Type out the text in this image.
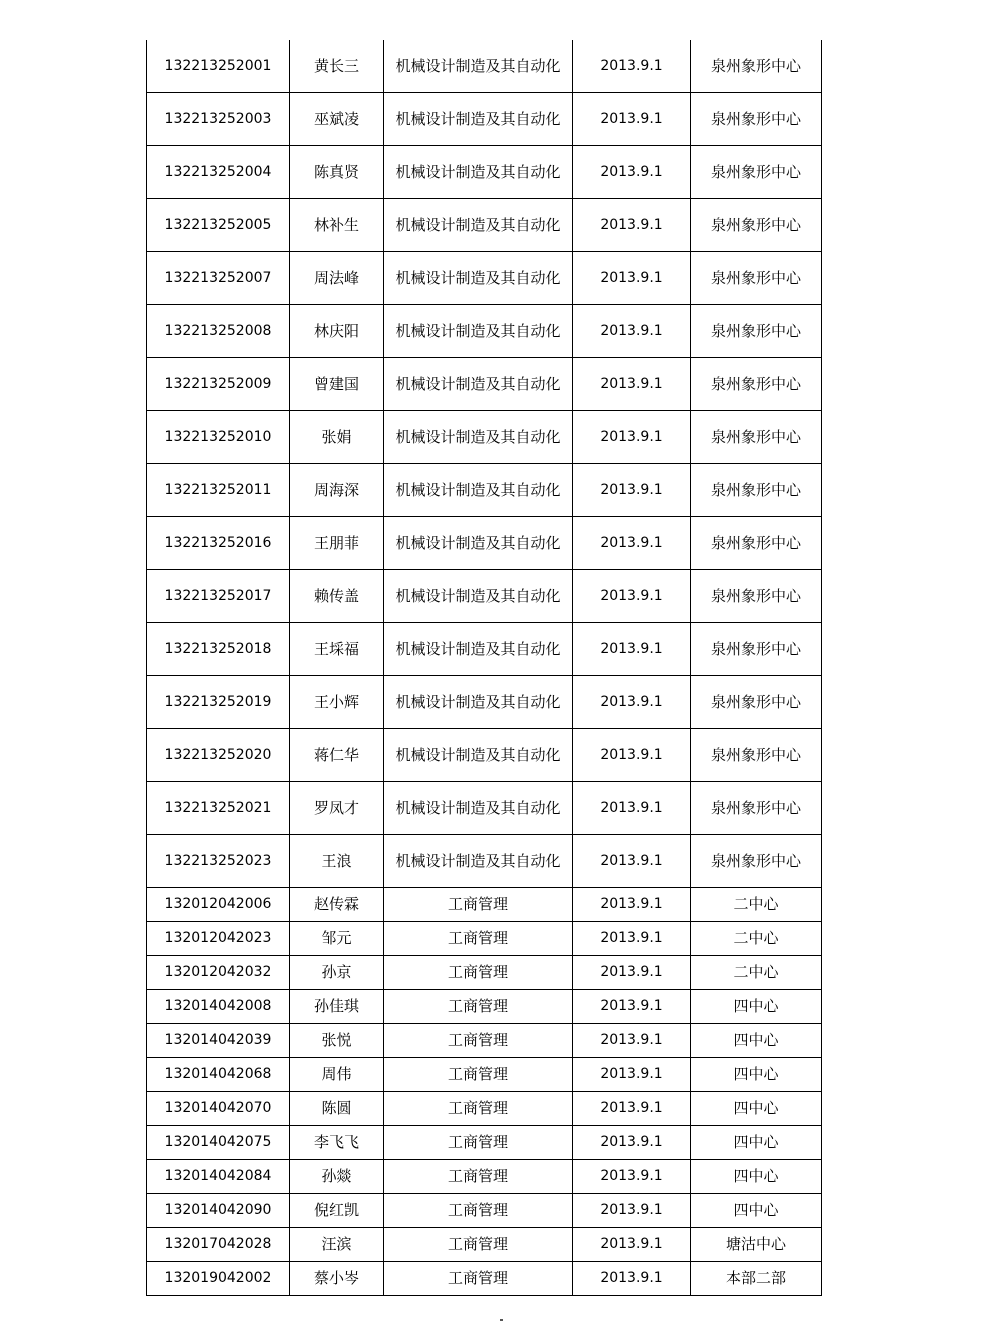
132213252001	黄长三	机械设计制造及其自动化	2013.9.1	泉州象形中心
132213252003	巫斌凌	机械设计制造及其自动化	2013.9.1	泉州象形中心
132213252004	陈真贤	机械设计制造及其自动化	2013.9.1	泉州象形中心
132213252005	林补生	机械设计制造及其自动化	2013.9.1	泉州象形中心
132213252007	周法峰	机械设计制造及其自动化	2013.9.1	泉州象形中心
132213252008	林庆阳	机械设计制造及其自动化	2013.9.1	泉州象形中心
132213252009	曾建国	机械设计制造及其自动化	2013.9.1	泉州象形中心
132213252010	张娟	机械设计制造及其自动化	2013.9.1	泉州象形中心
132213252011	周海深	机械设计制造及其自动化	2013.9.1	泉州象形中心
132213252016	王朋菲	机械设计制造及其自动化	2013.9.1	泉州象形中心
132213252017	赖传盖	机械设计制造及其自动化	2013.9.1	泉州象形中心
132213252018	王埰福	机械设计制造及其自动化	2013.9.1	泉州象形中心
132213252019	王小辉	机械设计制造及其自动化	2013.9.1	泉州象形中心
132213252020	蒋仁华	机械设计制造及其自动化	2013.9.1	泉州象形中心
132213252021	罗凤才	机械设计制造及其自动化	2013.9.1	泉州象形中心
132213252023	王浪	机械设计制造及其自动化	2013.9.1	泉州象形中心
132012042006	赵传霖	工商管理	2013.9.1	二中心
132012042023	邹元	工商管理	2013.9.1	二中心
132012042032	孙京	工商管理	2013.9.1	二中心
132014042008	孙佳琪	工商管理	2013.9.1	四中心
132014042039	张悦	工商管理	2013.9.1	四中心
132014042068	周伟	工商管理	2013.9.1	四中心
132014042070	陈圆	工商管理	2013.9.1	四中心
132014042075	李飞飞	工商管理	2013.9.1	四中心
132014042084	孙燚	工商管理	2013.9.1	四中心
132014042090	倪红凯	工商管理	2013.9.1	四中心
132017042028	汪滨	工商管理	2013.9.1	塘沽中心
132019042002	蔡小岑	工商管理	2013.9.1	本部二部
